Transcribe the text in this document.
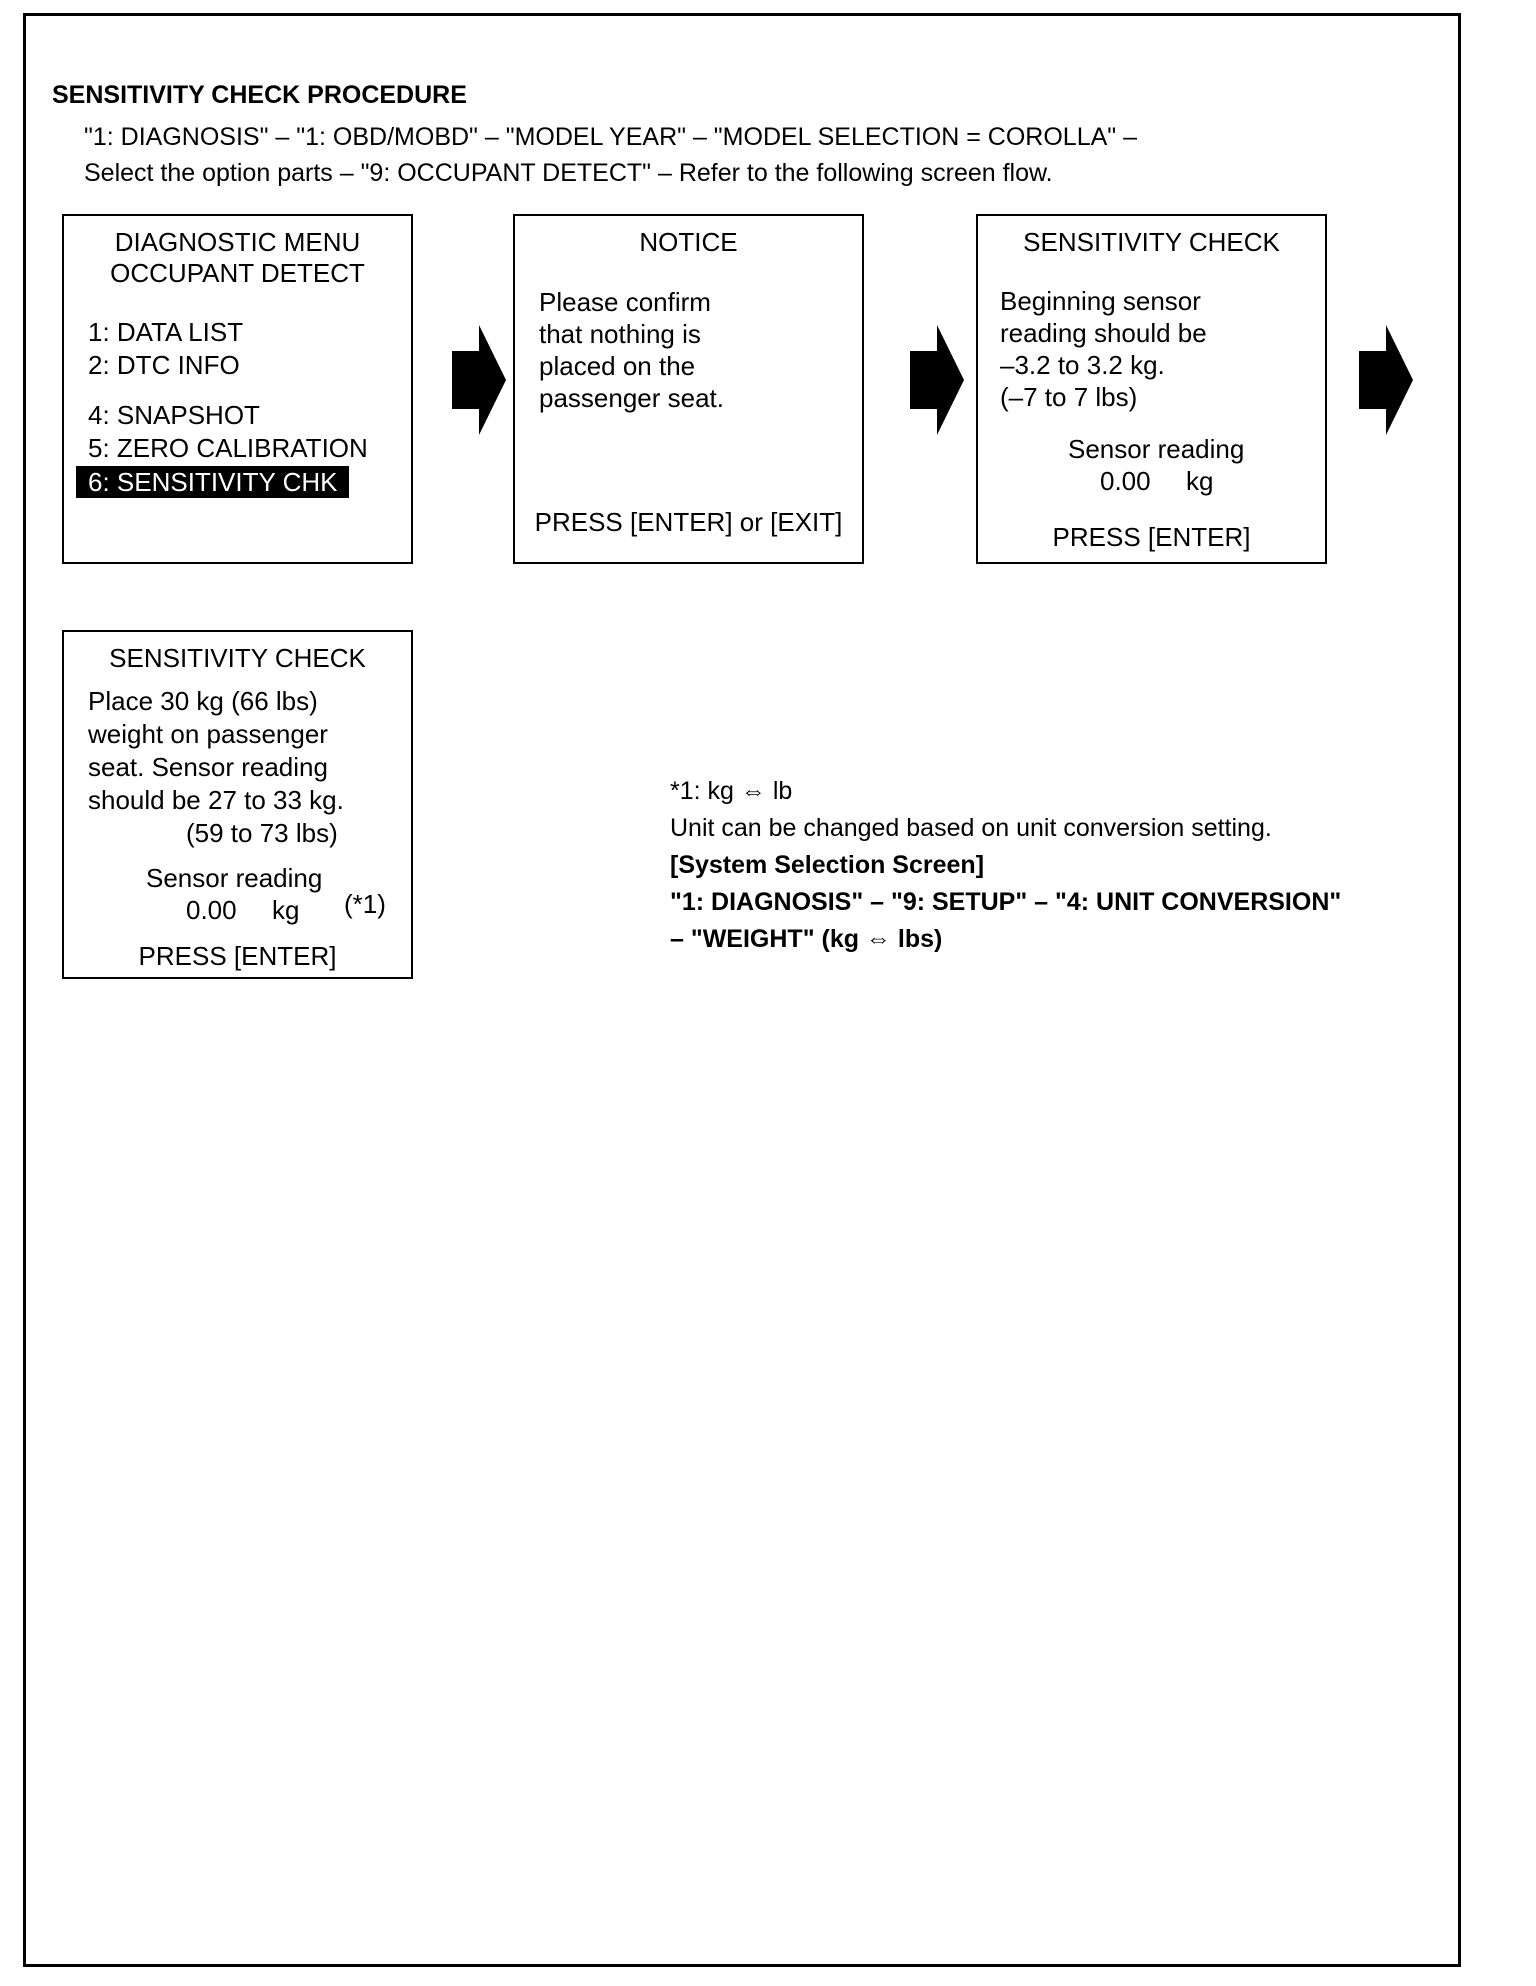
SENSITIVITY CHECK PROCEDURE
"1: DIAGNOSIS" – "1: OBD/MOBD" – "MODEL YEAR" – "MODEL SELECTION = COROLLA" –
Select the option parts – "9: OCCUPANT DETECT" – Refer to the following screen flow.
DIAGNOSTIC MENU
OCCUPANT DETECT
1: DATA LIST
2: DTC INFO
4: SNAPSHOT
5: ZERO CALIBRATION
6: SENSITIVITY CHK
NOTICE
Please confirm
that nothing is
placed on the
passenger seat.
PRESS [ENTER] or [EXIT]
SENSITIVITY CHECK
Beginning sensor
reading should be
–3.2 to 3.2 kg.
(–7 to 7 lbs)
Sensor reading
0.00 kg
PRESS [ENTER]
SENSITIVITY CHECK
Place 30 kg (66 lbs)
weight on passenger
seat. Sensor reading
should be 27 to 33 kg.
(59 to 73 lbs)
Sensor reading
0.00 kg (*1)
PRESS [ENTER]
*1: kg ⇔ lb
Unit can be changed based on unit conversion setting.
[System Selection Screen]
"1: DIAGNOSIS" – "9: SETUP" – "4: UNIT CONVERSION"
– "WEIGHT" (kg ⇔ lbs)
